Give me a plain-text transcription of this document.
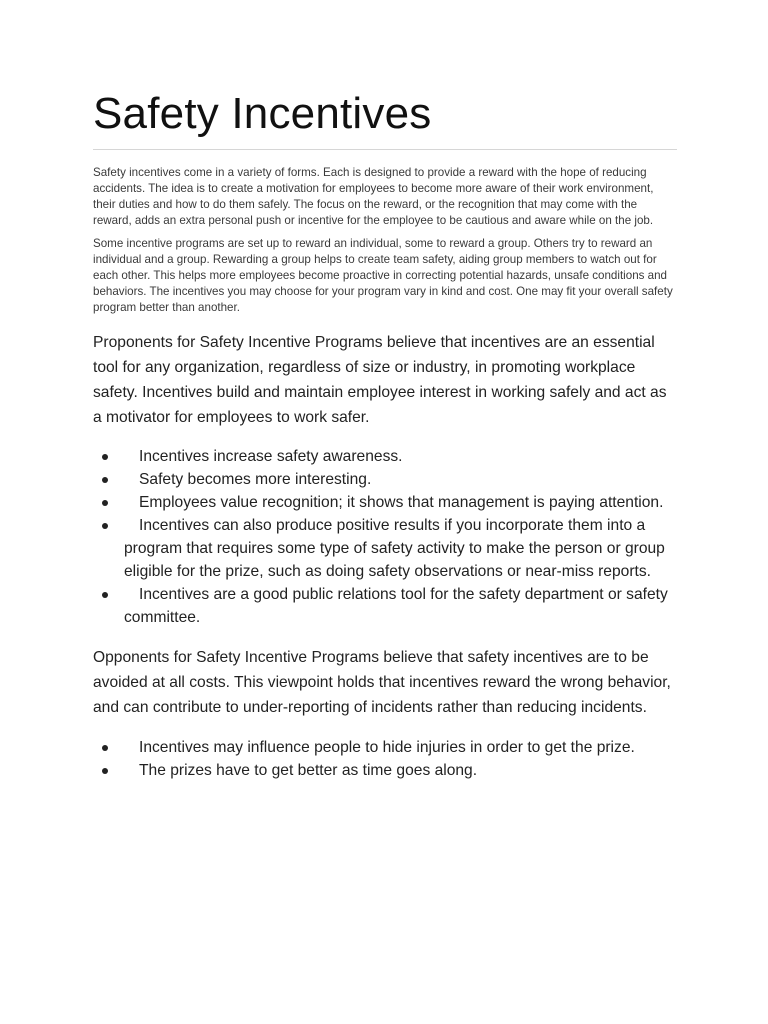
Safety Incentives

Safety incentives come in a variety of forms. Each is designed to provide a reward with the hope of reducing accidents. The idea is to create a motivation for employees to become more aware of their work environment, their duties and how to do them safely. The focus on the reward, or the recognition that may come with the reward, adds an extra personal push or incentive for the employee to be cautious and aware while on the job.

Some incentive programs are set up to reward an individual, some to reward a group. Others try to reward an individual and a group. Rewarding a group helps to create team safety, aiding group members to watch out for each other. This helps more employees become proactive in correcting potential hazards, unsafe conditions and behaviors. The incentives you may choose for your program vary in kind and cost. One may fit your overall safety program better than another.

Proponents for Safety Incentive Programs believe that incentives are an essential tool for any organization, regardless of size or industry, in promoting workplace safety. Incentives build and maintain employee interest in working safely and act as a motivator for employees to work safer.

Incentives increase safety awareness.
Safety becomes more interesting.
Employees value recognition; it shows that management is paying attention.
Incentives can also produce positive results if you incorporate them into a program that requires some type of safety activity to make the person or group eligible for the prize, such as doing safety observations or near-miss reports.
Incentives are a good public relations tool for the safety department or safety committee.

Opponents for Safety Incentive Programs believe that safety incentives are to be avoided at all costs. This viewpoint holds that incentives reward the wrong behavior, and can contribute to under-reporting of incidents rather than reducing incidents.

Incentives may influence people to hide injuries in order to get the prize.
The prizes have to get better as time goes along.
